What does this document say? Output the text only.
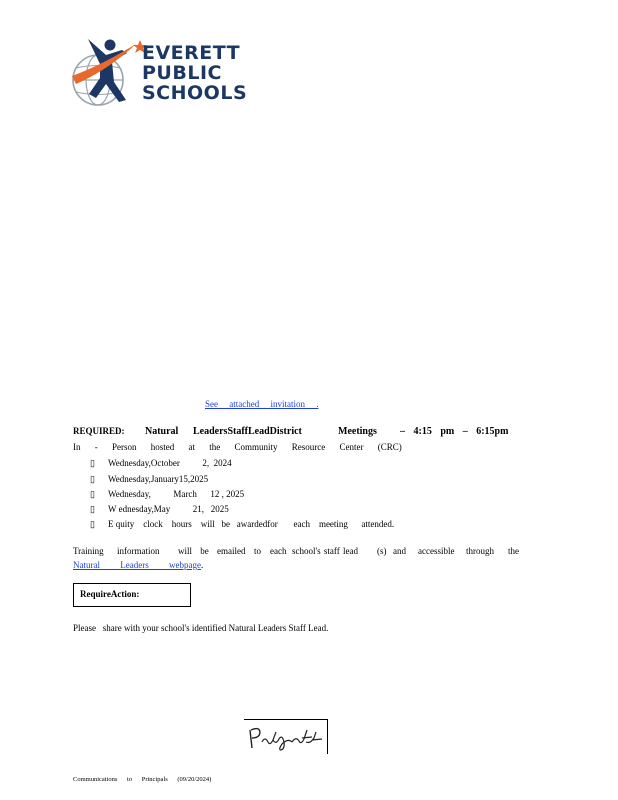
EVERETT
PUBLIC
SCHOOLS
See attached invitation .
REQUIRED: Natural LeadersStaffLeadDistrict	Meetings – 4:15 pm – 6:15pm
In - Person hosted at the Community Resource Center (CRC)
▯ Wednesday,October          2,  2024
▯ Wednesday,January15,2025
▯ Wednesday,          March      12 , 2025
▯ W ednesday,May          21,   2025
▯ E quity    clock    hours    will   be   awardedfor       each    meeting      attended.
Training information will be emailed to each school's staff lead (s) and accessible through the
Natural Leaders webpage.
RequireAction:
Please   share with your school's identified Natural Leaders Staff Lead.
Communications to Principals (09/20/2024)
